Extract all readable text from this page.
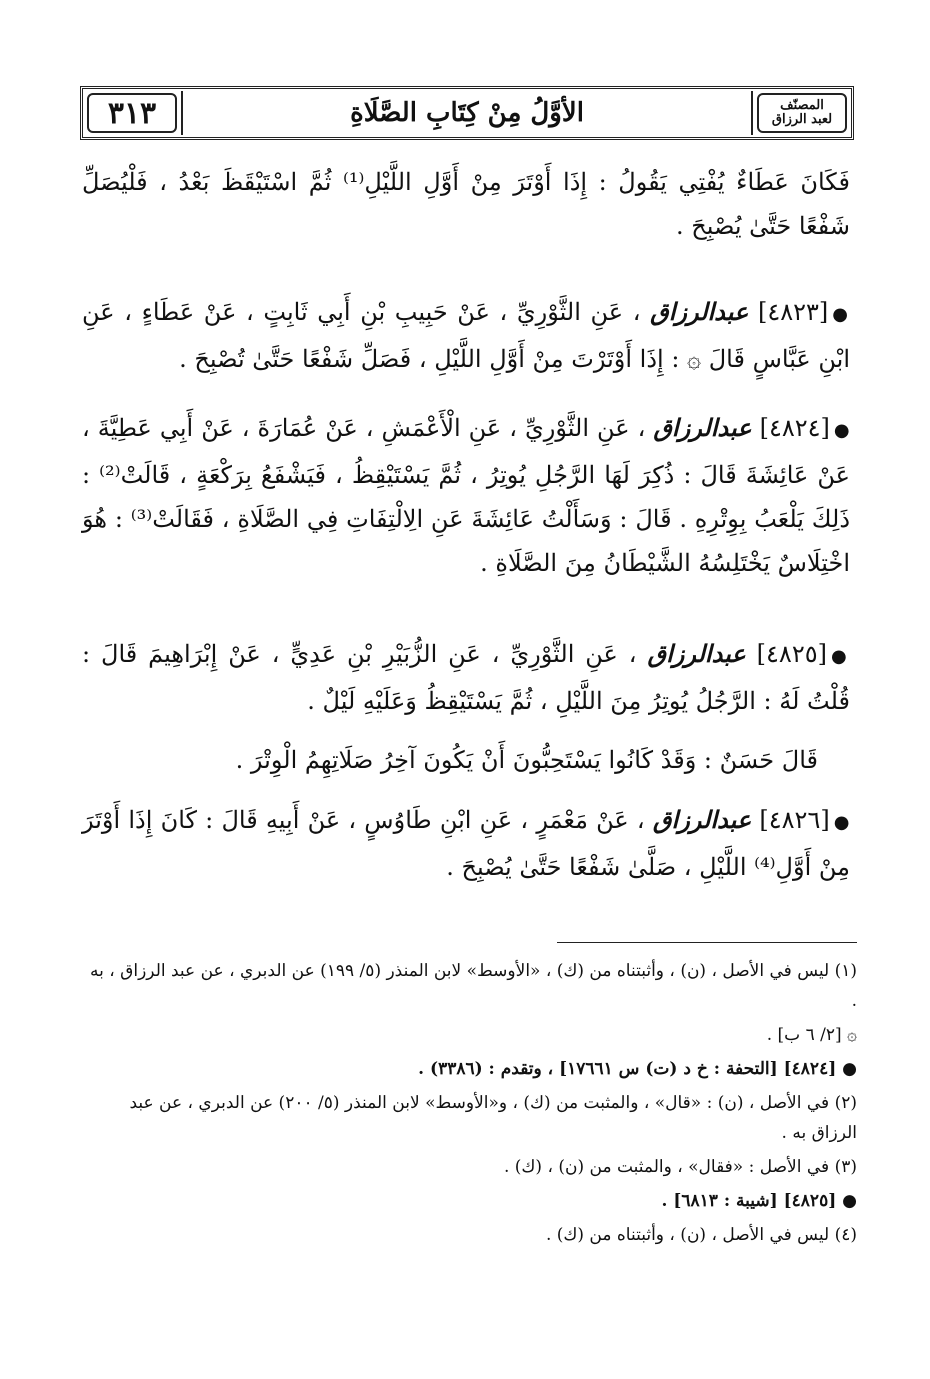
٣١٣	الأوَّلُ مِنْ كِتَابِ الصَّلَاةِ	المصنّف
لعبد الرزاق

فَكَانَ عَطَاءٌ يُفْتِي يَقُولُ : إِذَا أَوْتَرَ مِنْ أَوَّلِ اللَّيْلِ⁽¹⁾ ثُمَّ اسْتَيْقَظَ بَعْدُ ، فَلْيُصَلِّ شَفْعًا حَتَّىٰ يُصْبِحَ .

●[٤٨٢٣] عبدالرزاق ، عَنِ الثَّوْرِيِّ ، عَنْ حَبِيبِ بْنِ أَبِي ثَابِتٍ ، عَنْ عَطَاءٍ ، عَنِ ابْنِ عَبَّاسٍ قَالَ ۞ : إِذَا أَوْتَرْتَ مِنْ أَوَّلِ اللَّيْلِ ، فَصَلِّ شَفْعًا حَتَّىٰ تُصْبِحَ .

●[٤٨٢٤] عبدالرزاق ، عَنِ الثَّوْرِيِّ ، عَنِ الْأَعْمَشِ ، عَنْ عُمَارَةَ ، عَنْ أَبِي عَطِيَّةَ ، عَنْ عَائِشَةَ قَالَ : ذُكِرَ لَهَا الرَّجُلِ يُوتِرُ ، ثُمَّ يَسْتَيْقِظُ ، فَيَشْفَعُ بِرَكْعَةٍ ، قَالَتْ⁽²⁾ : ذَلِكَ يَلْعَبُ بِوِتْرِهِ . قَالَ : وَسَأَلْتُ عَائِشَةَ عَنِ الِالْتِفَاتِ فِي الصَّلَاةِ ، فَقَالَتْ⁽³⁾ : هُوَ اخْتِلَاسٌ يَخْتَلِسُهُ الشَّيْطَانُ مِنَ الصَّلَاةِ .

●[٤٨٢٥] عبدالرزاق ، عَنِ الثَّوْرِيِّ ، عَنِ الزُّبَيْرِ بْنِ عَدِيٍّ ، عَنْ إِبْرَاهِيمَ قَالَ : قُلْتُ لَهُ : الرَّجُلُ يُوتِرُ مِنَ اللَّيْلِ ، ثُمَّ يَسْتَيْقِظُ وَعَلَيْهِ لَيْلٌ .

قَالَ حَسَنٌ : وَقَدْ كَانُوا يَسْتَحِبُّونَ أَنْ يَكُونَ آخِرُ صَلَاتِهِمُ الْوِتْرَ .

●[٤٨٢٦] عبدالرزاق ، عَنْ مَعْمَرٍ ، عَنِ ابْنِ طَاوُسٍ ، عَنْ أَبِيهِ قَالَ : كَانَ إِذَا أَوْتَرَ مِنْ أَوَّلِ⁽⁴⁾ اللَّيْلِ ، صَلَّىٰ شَفْعًا حَتَّىٰ يُصْبِحَ .

(١) ليس في الأصل ، (ن) ، وأثبتناه من (ك) ، «الأوسط» لابن المنذر (٥/ ١٩٩) عن الدبري ، عن عبد الرزاق ، به .

۞ [٢/ ٦ ب] .

● [٤٨٢٤] [التحفة : خ د (ت) س ١٧٦٦١] ، وتقدم : (٣٣٨٦) .

(٢) في الأصل ، (ن) : «قال» ، والمثبت من (ك) ، و«الأوسط» لابن المنذر (٥/ ٢٠٠) عن الدبري ، عن عبد الرزاق به .

(٣) في الأصل : «فقال» ، والمثبت من (ن) ، (ك) .

● [٤٨٢٥] [شيبة : ٦٨١٣] .

(٤) ليس في الأصل ، (ن) ، وأثبتناه من (ك) .
